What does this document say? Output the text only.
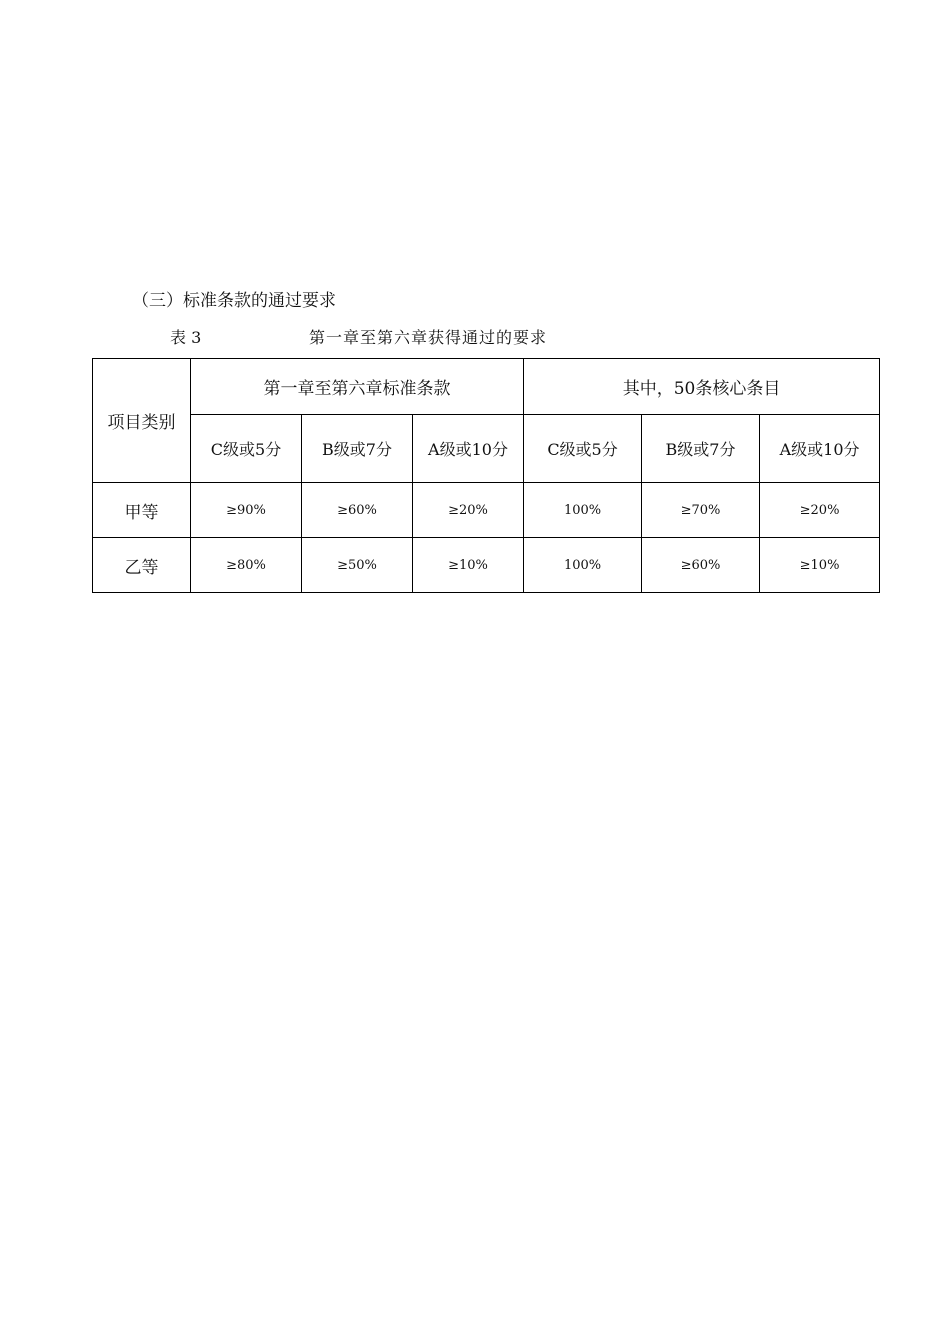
（三）标准条款的通过要求
表 3	第一章至第六章获得通过的要求
项目类别	第一章至第六章标准条款			其中，50条核心条目		
	C级或5分	B级或7分	A级或10分	C级或5分	B级或7分	A级或10分
甲等	≥90%	≥60%	≥20%	100%	≥70%	≥20%
乙等	≥80%	≥50%	≥10%	100%	≥60%	≥10%
